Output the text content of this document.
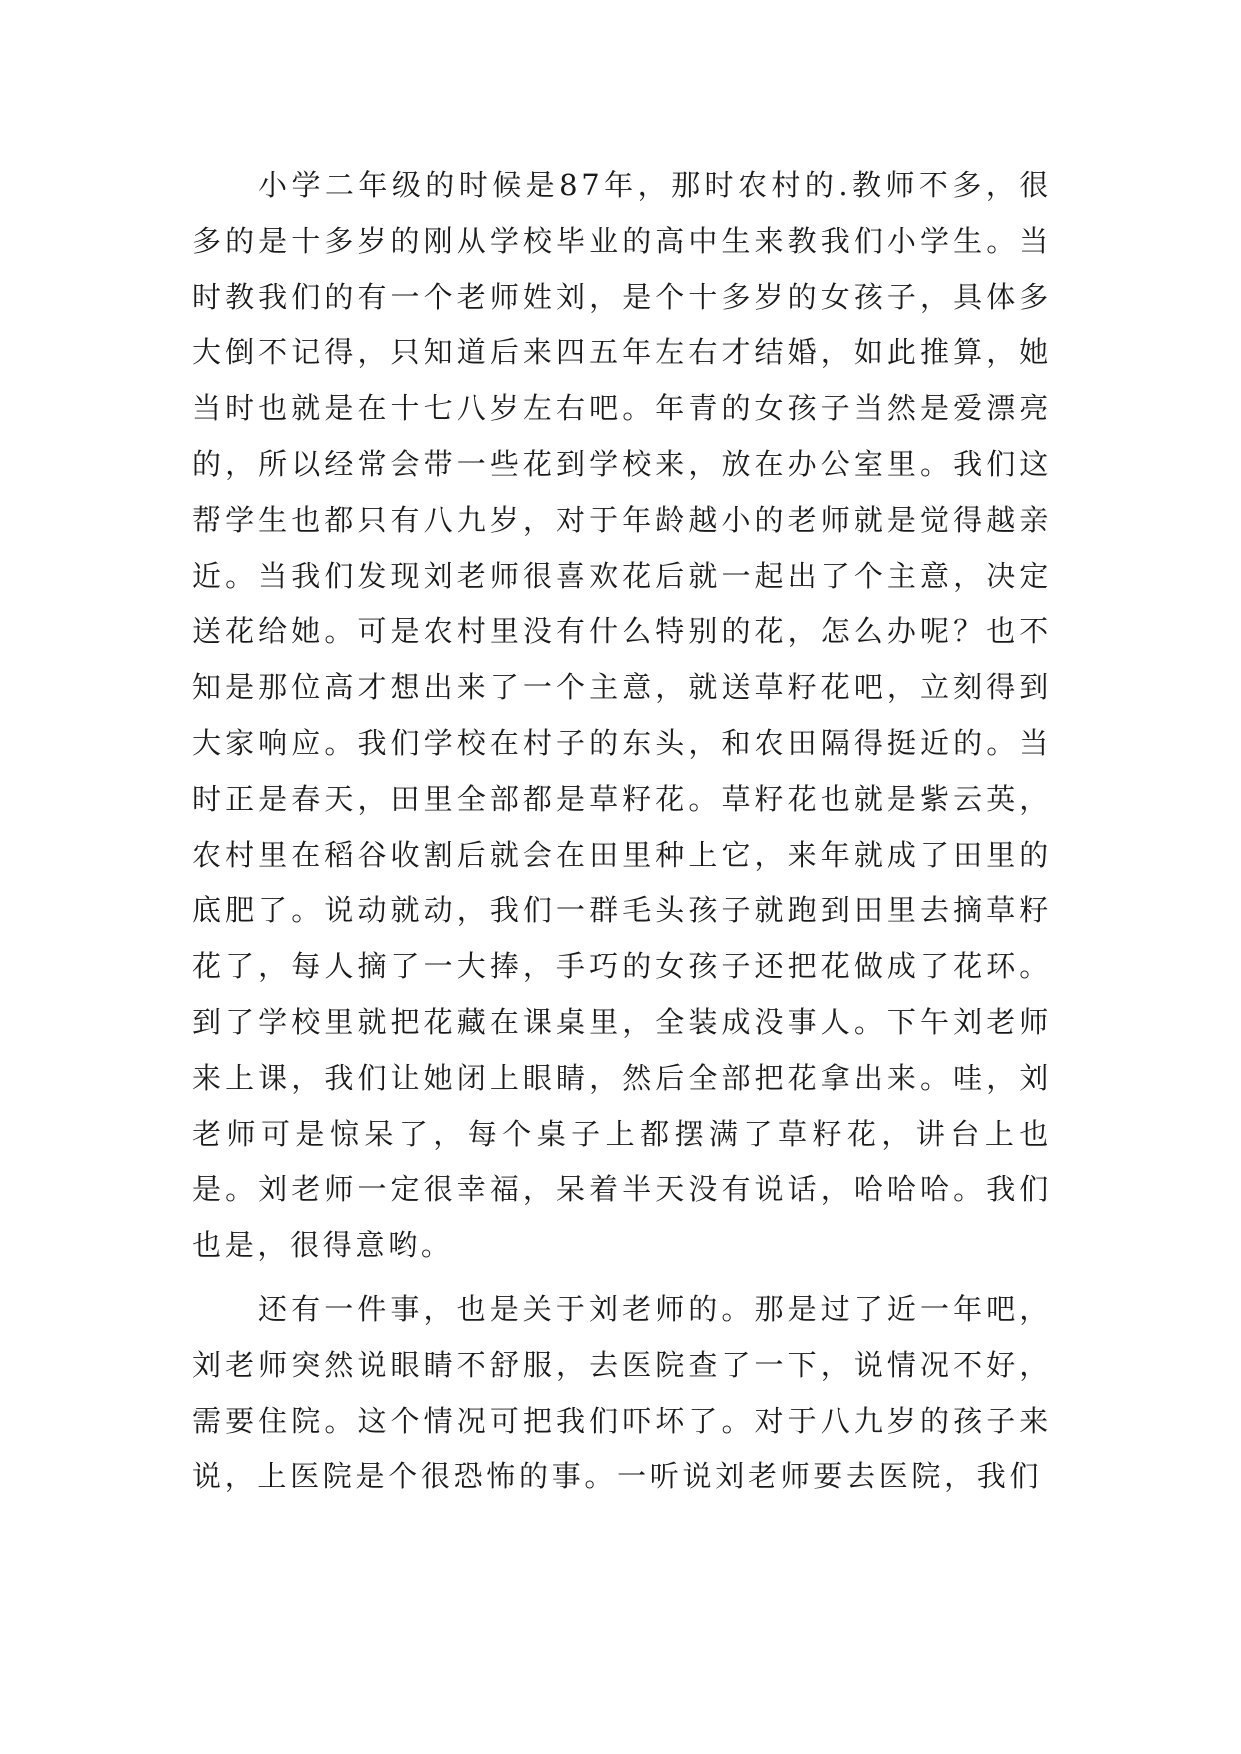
小学二年级的时候是87年，那时农村的.教师不多，很多的是十多岁的刚从学校毕业的高中生来教我们小学生。当时教我们的有一个老师姓刘，是个十多岁的女孩子，具体多大倒不记得，只知道后来四五年左右才结婚，如此推算，她当时也就是在十七八岁左右吧。年青的女孩子当然是爱漂亮的，所以经常会带一些花到学校来，放在办公室里。我们这帮学生也都只有八九岁，对于年龄越小的老师就是觉得越亲近。当我们发现刘老师很喜欢花后就一起出了个主意，决定送花给她。可是农村里没有什么特别的花，怎么办呢？也不知是那位高才想出来了一个主意，就送草籽花吧，立刻得到大家响应。我们学校在村子的东头，和农田隔得挺近的。当时正是春天，田里全部都是草籽花。草籽花也就是紫云英，农村里在稻谷收割后就会在田里种上它，来年就成了田里的底肥了。说动就动，我们一群毛头孩子就跑到田里去摘草籽花了，每人摘了一大捧，手巧的女孩子还把花做成了花环。到了学校里就把花藏在课桌里，全装成没事人。下午刘老师来上课，我们让她闭上眼睛，然后全部把花拿出来。哇，刘老师可是惊呆了，每个桌子上都摆满了草籽花，讲台上也是。刘老师一定很幸福，呆着半天没有说话，哈哈哈。我们也是，很得意哟。

还有一件事，也是关于刘老师的。那是过了近一年吧，刘老师突然说眼睛不舒服，去医院查了一下，说情况不好，需要住院。这个情况可把我们吓坏了。对于八九岁的孩子来说，上医院是个很恐怖的事。一听说刘老师要去医院，我们
